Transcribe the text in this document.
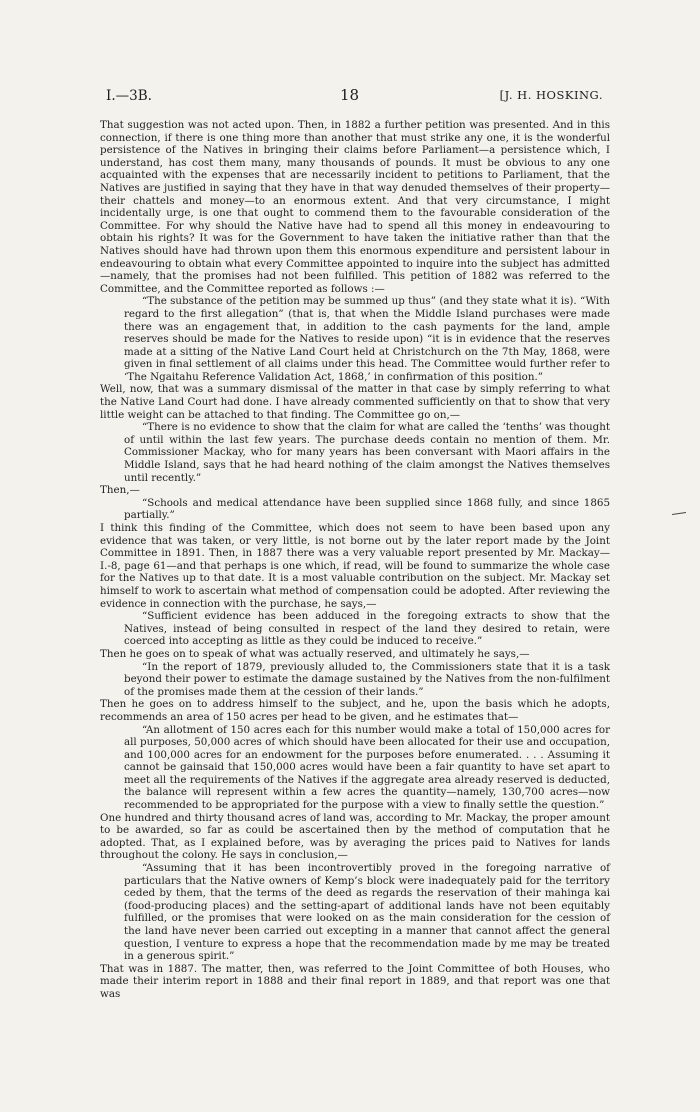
I.—3B.	18	[J. H. HOSKING.

That suggestion was not acted upon. Then, in 1882 a further petition was presented. And in this connection, if there is one thing more than another that must strike any one, it is the wonderful persistence of the Natives in bringing their claims before Parliament—a persistence which, I understand, has cost them many, many thousands of pounds. It must be obvious to any one acquainted with the expenses that are necessarily incident to petitions to Parliament, that the Natives are justified in saying that they have in that way denuded themselves of their property—their chattels and money—to an enormous extent. And that very circumstance, I might incidentally urge, is one that ought to commend them to the favourable consideration of the Committee. For why should the Native have had to spend all this money in endeavouring to obtain his rights? It was for the Government to have taken the initiative rather than that the Natives should have had thrown upon them this enormous expenditure and persistent labour in endeavouring to obtain what every Committee appointed to inquire into the subject has admitted—namely, that the promises had not been fulfilled. This petition of 1882 was referred to the Committee, and the Committee reported as follows :—

“The substance of the petition may be summed up thus” (and they state what it is). “With regard to the first allegation” (that is, that when the Middle Island purchases were made there was an engagement that, in addition to the cash payments for the land, ample reserves should be made for the Natives to reside upon) “it is in evidence that the reserves made at a sitting of the Native Land Court held at Christchurch on the 7th May, 1868, were given in final settlement of all claims under this head. The Committee would further refer to ‘The Ngaitahu Reference Validation Act, 1868,’ in confirmation of this position.”

Well, now, that was a summary dismissal of the matter in that case by simply referring to what the Native Land Court had done. I have already commented sufficiently on that to show that very little weight can be attached to that finding. The Committee go on,—

“There is no evidence to show that the claim for what are called the ‘tenths’ was thought of until within the last few years. The purchase deeds contain no mention of them. Mr. Commissioner Mackay, who for many years has been conversant with Maori affairs in the Middle Island, says that he had heard nothing of the claim amongst the Natives themselves until recently.”

Then,—

“Schools and medical attendance have been supplied since 1868 fully, and since 1865 partially.”

I think this finding of the Committee, which does not seem to have been based upon any evidence that was taken, or very little, is not borne out by the later report made by the Joint Committee in 1891. Then, in 1887 there was a very valuable report presented by Mr. Mackay—I.-8, page 61—and that perhaps is one which, if read, will be found to summarize the whole case for the Natives up to that date. It is a most valuable contribution on the subject. Mr. Mackay set himself to work to ascertain what method of compensation could be adopted. After reviewing the evidence in connection with the purchase, he says,—

“Sufficient evidence has been adduced in the foregoing extracts to show that the Natives, instead of being consulted in respect of the land they desired to retain, were coerced into accepting as little as they could be induced to receive.”

Then he goes on to speak of what was actually reserved, and ultimately he says,—

“In the report of 1879, previously alluded to, the Commissioners state that it is a task beyond their power to estimate the damage sustained by the Natives from the non-fulfilment of the promises made them at the cession of their lands.”

Then he goes on to address himself to the subject, and he, upon the basis which he adopts, recommends an area of 150 acres per head to be given, and he estimates that—

“An allotment of 150 acres each for this number would make a total of 150,000 acres for all purposes, 50,000 acres of which should have been allocated for their use and occupation, and 100,000 acres for an endowment for the purposes before enumerated. . . . Assuming it cannot be gainsaid that 150,000 acres would have been a fair quantity to have set apart to meet all the requirements of the Natives if the aggregate area already reserved is deducted, the balance will represent within a few acres the quantity—namely, 130,700 acres—now recommended to be appropriated for the purpose with a view to finally settle the question.”

One hundred and thirty thousand acres of land was, according to Mr. Mackay, the proper amount to be awarded, so far as could be ascertained then by the method of computation that he adopted. That, as I explained before, was by averaging the prices paid to Natives for lands throughout the colony. He says in conclusion,—

“Assuming that it has been incontrovertibly proved in the foregoing narrative of particulars that the Native owners of Kemp’s block were inadequately paid for the territory ceded by them, that the terms of the deed as regards the reservation of their mahinga kai (food-producing places) and the setting-apart of additional lands have not been equitably fulfilled, or the promises that were looked on as the main consideration for the cession of the land have never been carried out excepting in a manner that cannot affect the general question, I venture to express a hope that the recommendation made by me may be treated in a generous spirit.”

That was in 1887. The matter, then, was referred to the Joint Committee of both Houses, who made their interim report in 1888 and their final report in 1889, and that report was one that was
